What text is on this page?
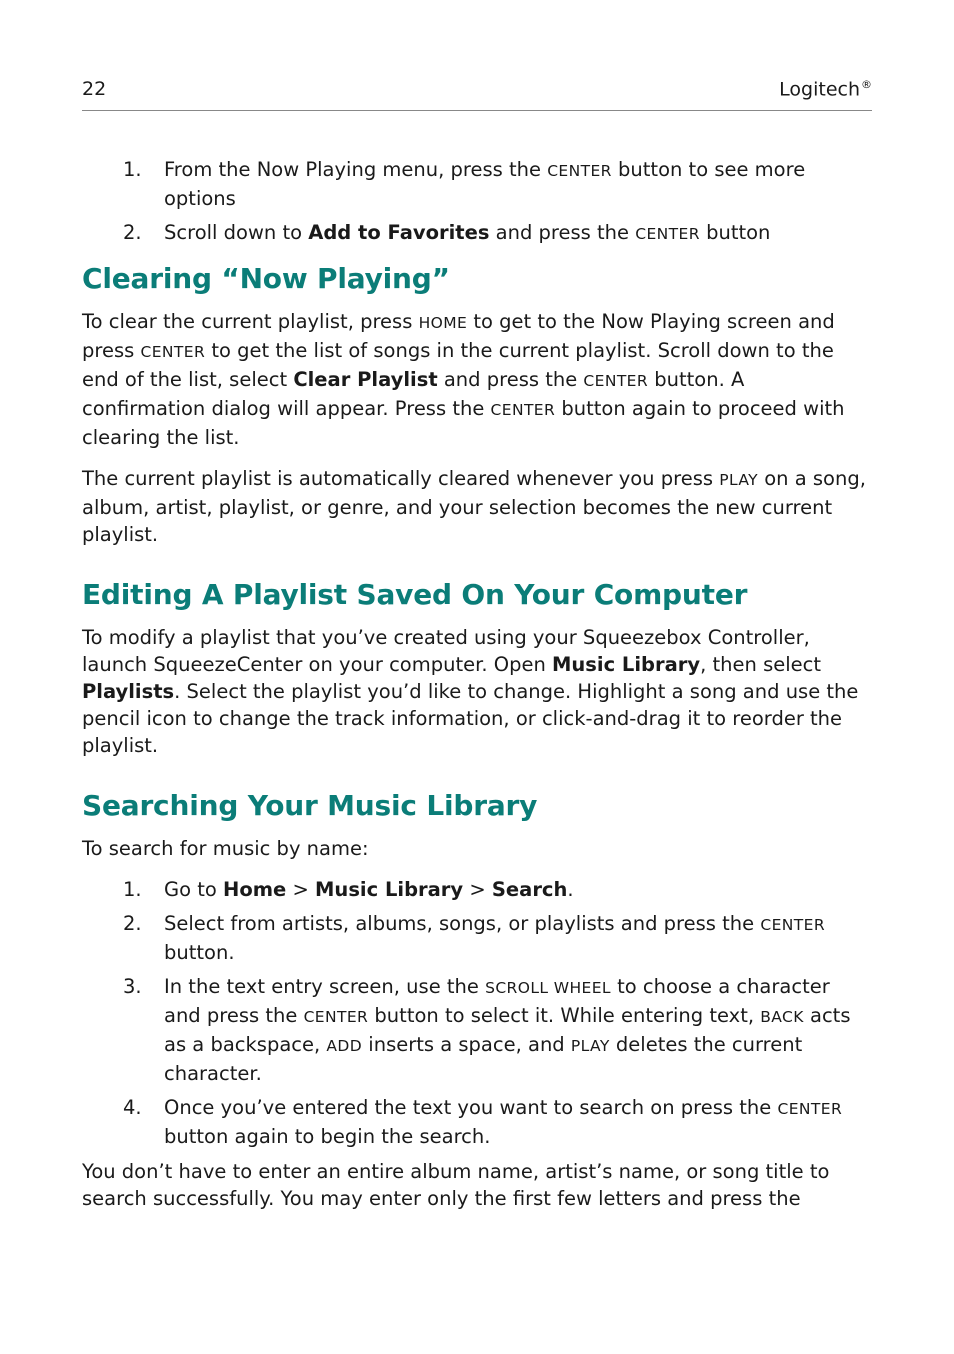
22	Logitech®
1. From the Now Playing menu, press the CENTER button to see more options
2. Scroll down to Add to Favorites and press the CENTER button
Clearing “Now Playing”

To clear the current playlist, press HOME to get to the Now Playing screen and press CENTER to get the list of songs in the current playlist. Scroll down to the end of the list, select Clear Playlist and press the CENTER button. A confirmation dialog will appear. Press the CENTER button again to proceed with clearing the list.

The current playlist is automatically cleared whenever you press PLAY on a song, album, artist, playlist, or genre, and your selection becomes the new current playlist.

Editing A Playlist Saved On Your Computer

To modify a playlist that you’ve created using your Squeezebox Controller, launch SqueezeCenter on your computer. Open Music Library, then select Playlists. Select the playlist you’d like to change. Highlight a song and use the pencil icon to change the track information, or click-and-drag it to reorder the playlist.

Searching Your Music Library

To search for music by name:

1. Go to Home > Music Library > Search.
2. Select from artists, albums, songs, or playlists and press the CENTER button.
3. In the text entry screen, use the SCROLL WHEEL to choose a character and press the CENTER button to select it. While entering text, BACK acts as a backspace, ADD inserts a space, and PLAY deletes the current character.
4. Once you’ve entered the text you want to search on press the CENTER button again to begin the search.

You don’t have to enter an entire album name, artist’s name, or song title to search successfully. You may enter only the first few letters and press the
